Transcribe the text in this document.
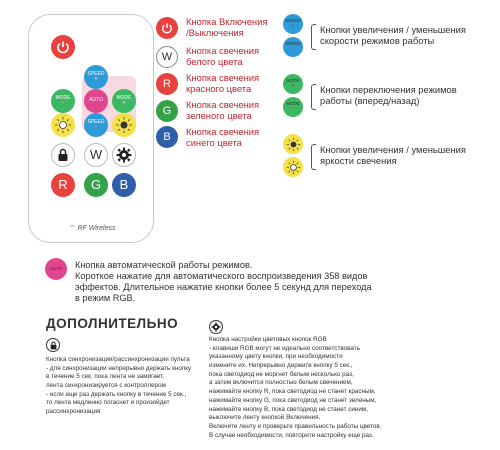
SPEED
+
MODE
-	AUTO	MODE
+
SPEED
-
W
R	G	B
⌔ RF Wireless
Кнопка Включения
/Выключения
W
Кнопка свечения
белого цвета
R
Кнопка свечения
красного цвета
G
Кнопка свечения
зеленого цвета
B	Кнопка свечения
синего цвета
SPEED
+
SPEED
-
Кнопки увеличения / уменьшения
скорости режимов работы
MODE
+
MODE
-
Кнопки переключения режимов
работы (вперед/назад)
Кнопки увеличения / уменьшения
яркости свечения
AUTO	Кнопка автоматической работы режимов.
Короткое нажатие для автоматического воспроизведения 358 видов
эффектов. Длительное нажатие кнопки более 5 секунд для перехода
в режим RGB.
ДОПОЛНИТЕЛЬНО
Кнопка синхронизации/рассинхронизации пульта
- для синхронизации непрерывно держать кнопку
в течение 5 сек. пока лента не замигает,
лента синхронизируется с контроллером
- если еще раз держать кнопку в течение 5 сек.,
то лента медленно погаснет и произойдет
рассинхронизация
Кнопка настройки цветовых кнопок RGB
- клавиши RGB могут не идеально соответствовать
указанному цвету кнопки, при необходимости
измените их. Непрерывно держите кнопку 5 сек.,
пока светодиод не моргнет белым несколько раз,
а затем включится полностью белым свечением,
нажимайте кнопку R, пока светодиод не станет красным,
нажимайте кнопку G, пока светодиод не станет зеленым,
нажимайте кнопку B, пока светодиод не станет синим,
выключите ленту кнопкой Включения.
Включите ленту и проверьте правильность работы цветов.
В случае необходимости, повторите настройку еще раз.
